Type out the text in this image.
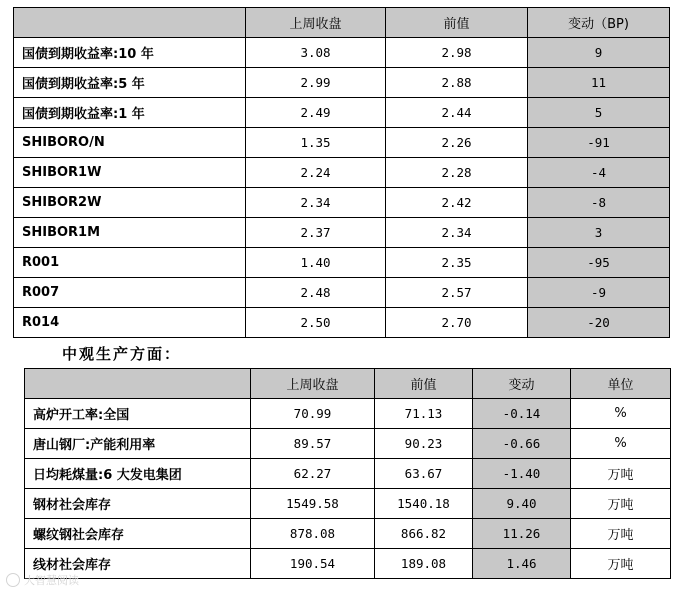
	上周收盘	前值	变动（BP)
国债到期收益率:10 年	3.08	2.98	9
国债到期收益率:5 年	2.99	2.88	11
国债到期收益率:1 年	2.49	2.44	5
SHIBORO/N	1.35	2.26	-91
SHIBOR1W	2.24	2.28	-4
SHIBOR2W	2.34	2.42	-8
SHIBOR1M	2.37	2.34	3
R001	1.40	2.35	-95
R007	2.48	2.57	-9
R014	2.50	2.70	-20
中观生产方面：
	上周收盘	前值	变动	单位
高炉开工率:全国	70.99	71.13	-0.14	%
唐山钢厂:产能利用率	89.57	90.23	-0.66	%
日均耗煤量:6 大发电集团	62.27	63.67	-1.40	万吨
钢材社会库存	1549.58	1540.18	9.40	万吨
螺纹钢社会库存	878.08	866.82	11.26	万吨
线材社会库存	190.54	189.08	1.46	万吨
大智慧阅读
